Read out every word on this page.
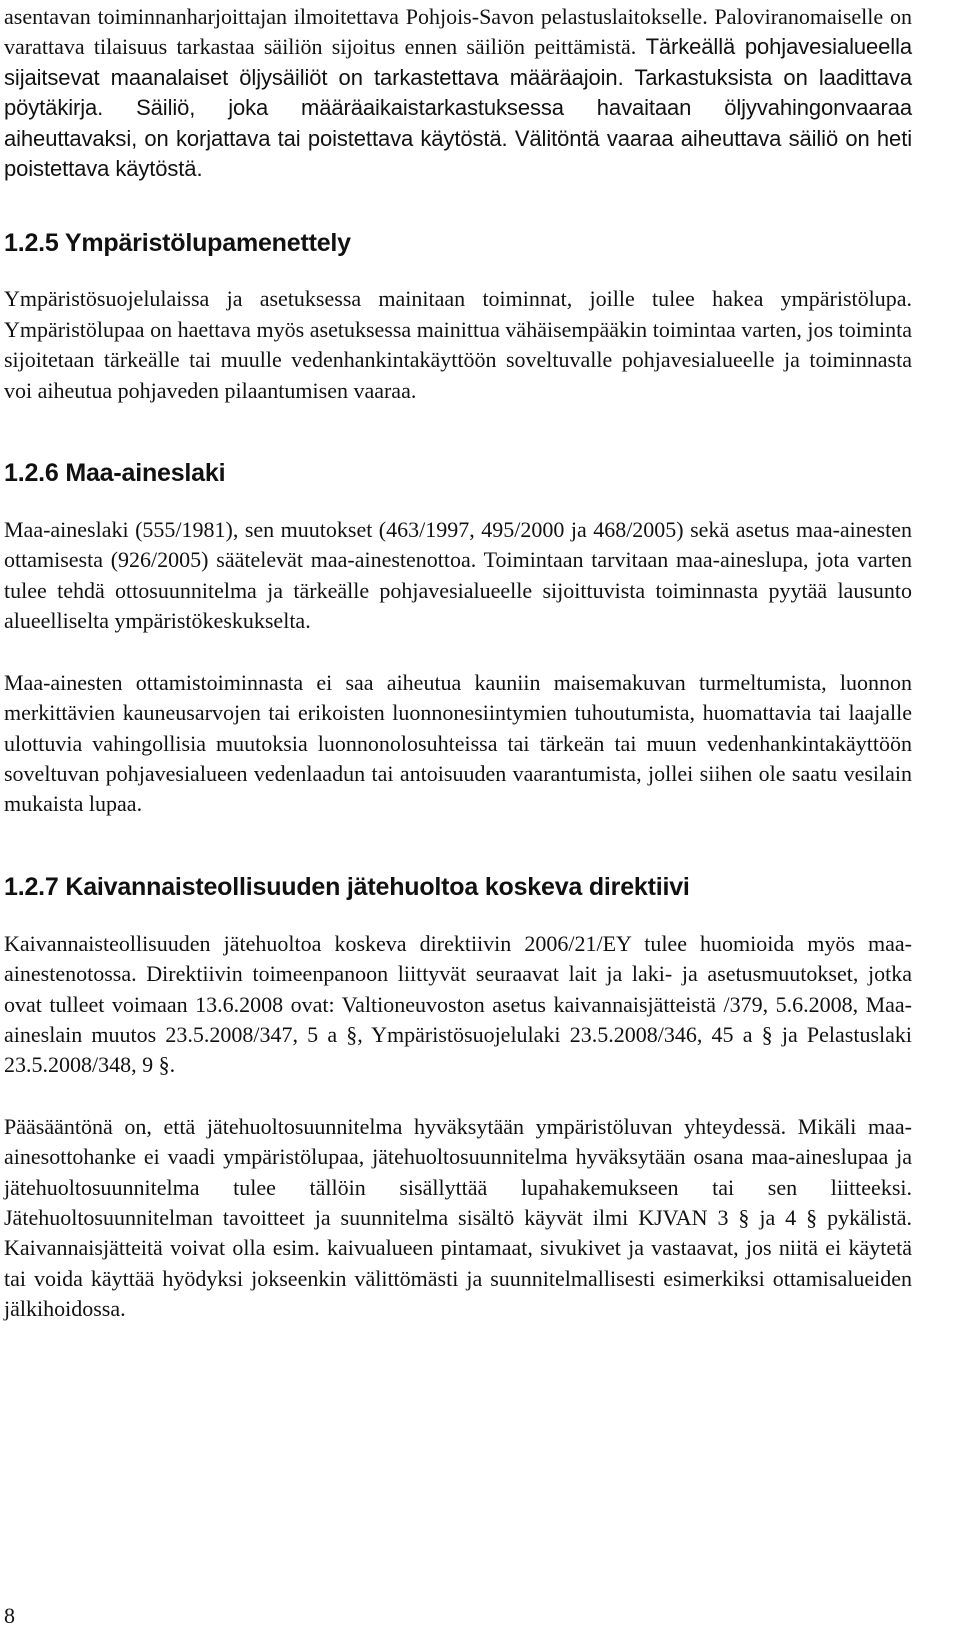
asentavan toiminnanharjoittajan ilmoitettava Pohjois-Savon pelastuslaitokselle. Paloviranomaiselle on varattava tilaisuus tarkastaa säiliön sijoitus ennen säiliön peittämistä. Tärkeällä pohjavesialueella sijaitsevat maanalaiset öljysäiliöt on tarkastettava määräajoin. Tarkastuksista on laadittava pöytäkirja. Säiliö, joka määräaikaistarkastuksessa havaitaan öljyvahingonvaaraa aiheuttavaksi, on korjattava tai poistettava käytöstä. Välitöntä vaaraa aiheuttava säiliö on heti poistettava käytöstä.

1.2.5 Ympäristölupamenettely

Ympäristösuojelulaissa ja asetuksessa mainitaan toiminnat, joille tulee hakea ympäristölupa. Ympäristölupaa on haettava myös asetuksessa mainittua vähäisempääkin toimintaa varten, jos toiminta sijoitetaan tärkeälle tai muulle vedenhankintakäyttöön soveltuvalle pohjavesialueelle ja toiminnasta voi aiheutua pohjaveden pilaantumisen vaaraa.

1.2.6 Maa-aineslaki

Maa-aineslaki (555/1981), sen muutokset (463/1997, 495/2000 ja 468/2005) sekä asetus maa-ainesten ottamisesta (926/2005) säätelevät maa-ainestenottoa. Toimintaan tarvitaan maa-aineslupa, jota varten tulee tehdä ottosuunnitelma ja tärkeälle pohjavesialueelle sijoittuvista toiminnasta pyytää lausunto alueelliselta ympäristökeskukselta.

Maa-ainesten ottamistoiminnasta ei saa aiheutua kauniin maisemakuvan turmeltumista, luonnon merkittävien kauneusarvojen tai erikoisten luonnonesiintymien tuhoutumista, huomattavia tai laajalle ulottuvia vahingollisia muutoksia luonnonolosuhteissa tai tärkeän tai muun vedenhankintakäyttöön soveltuvan pohjavesialueen vedenlaadun tai antoisuuden vaarantumista, jollei siihen ole saatu vesilain mukaista lupaa.

1.2.7 Kaivannaisteollisuuden jätehuoltoa koskeva direktiivi

Kaivannaisteollisuuden jätehuoltoa koskeva direktiivin 2006/21/EY tulee huomioida myös maa-ainestenotossa. Direktiivin toimeenpanoon liittyvät seuraavat lait ja laki- ja asetusmuutokset, jotka ovat tulleet voimaan 13.6.2008 ovat: Valtioneuvoston asetus kaivannaisjätteistä /379, 5.6.2008, Maa-aineslain muutos 23.5.2008/347, 5 a §, Ympäristösuojelulaki 23.5.2008/346, 45 a § ja Pelastuslaki 23.5.2008/348, 9 §.

Pääsääntönä on, että jätehuoltosuunnitelma hyväksytään ympäristöluvan yhteydessä. Mikäli maa-ainesottohanke ei vaadi ympäristölupaa, jätehuoltosuunnitelma hyväksytään osana maa-aineslupaa ja jätehuoltosuunnitelma tulee tällöin sisällyttää lupahakemukseen tai sen liitteeksi. Jätehuoltosuunnitelman tavoitteet ja suunnitelma sisältö käyvät ilmi KJVAN 3 § ja 4 § pykälistä. Kaivannaisjätteitä voivat olla esim. kaivualueen pintamaat, sivukivet ja vastaavat, jos niitä ei käytetä tai voida käyttää hyödyksi jokseenkin välittömästi ja suunnitelmallisesti esimerkiksi ottamisalueiden jälkihoidossa.

8
